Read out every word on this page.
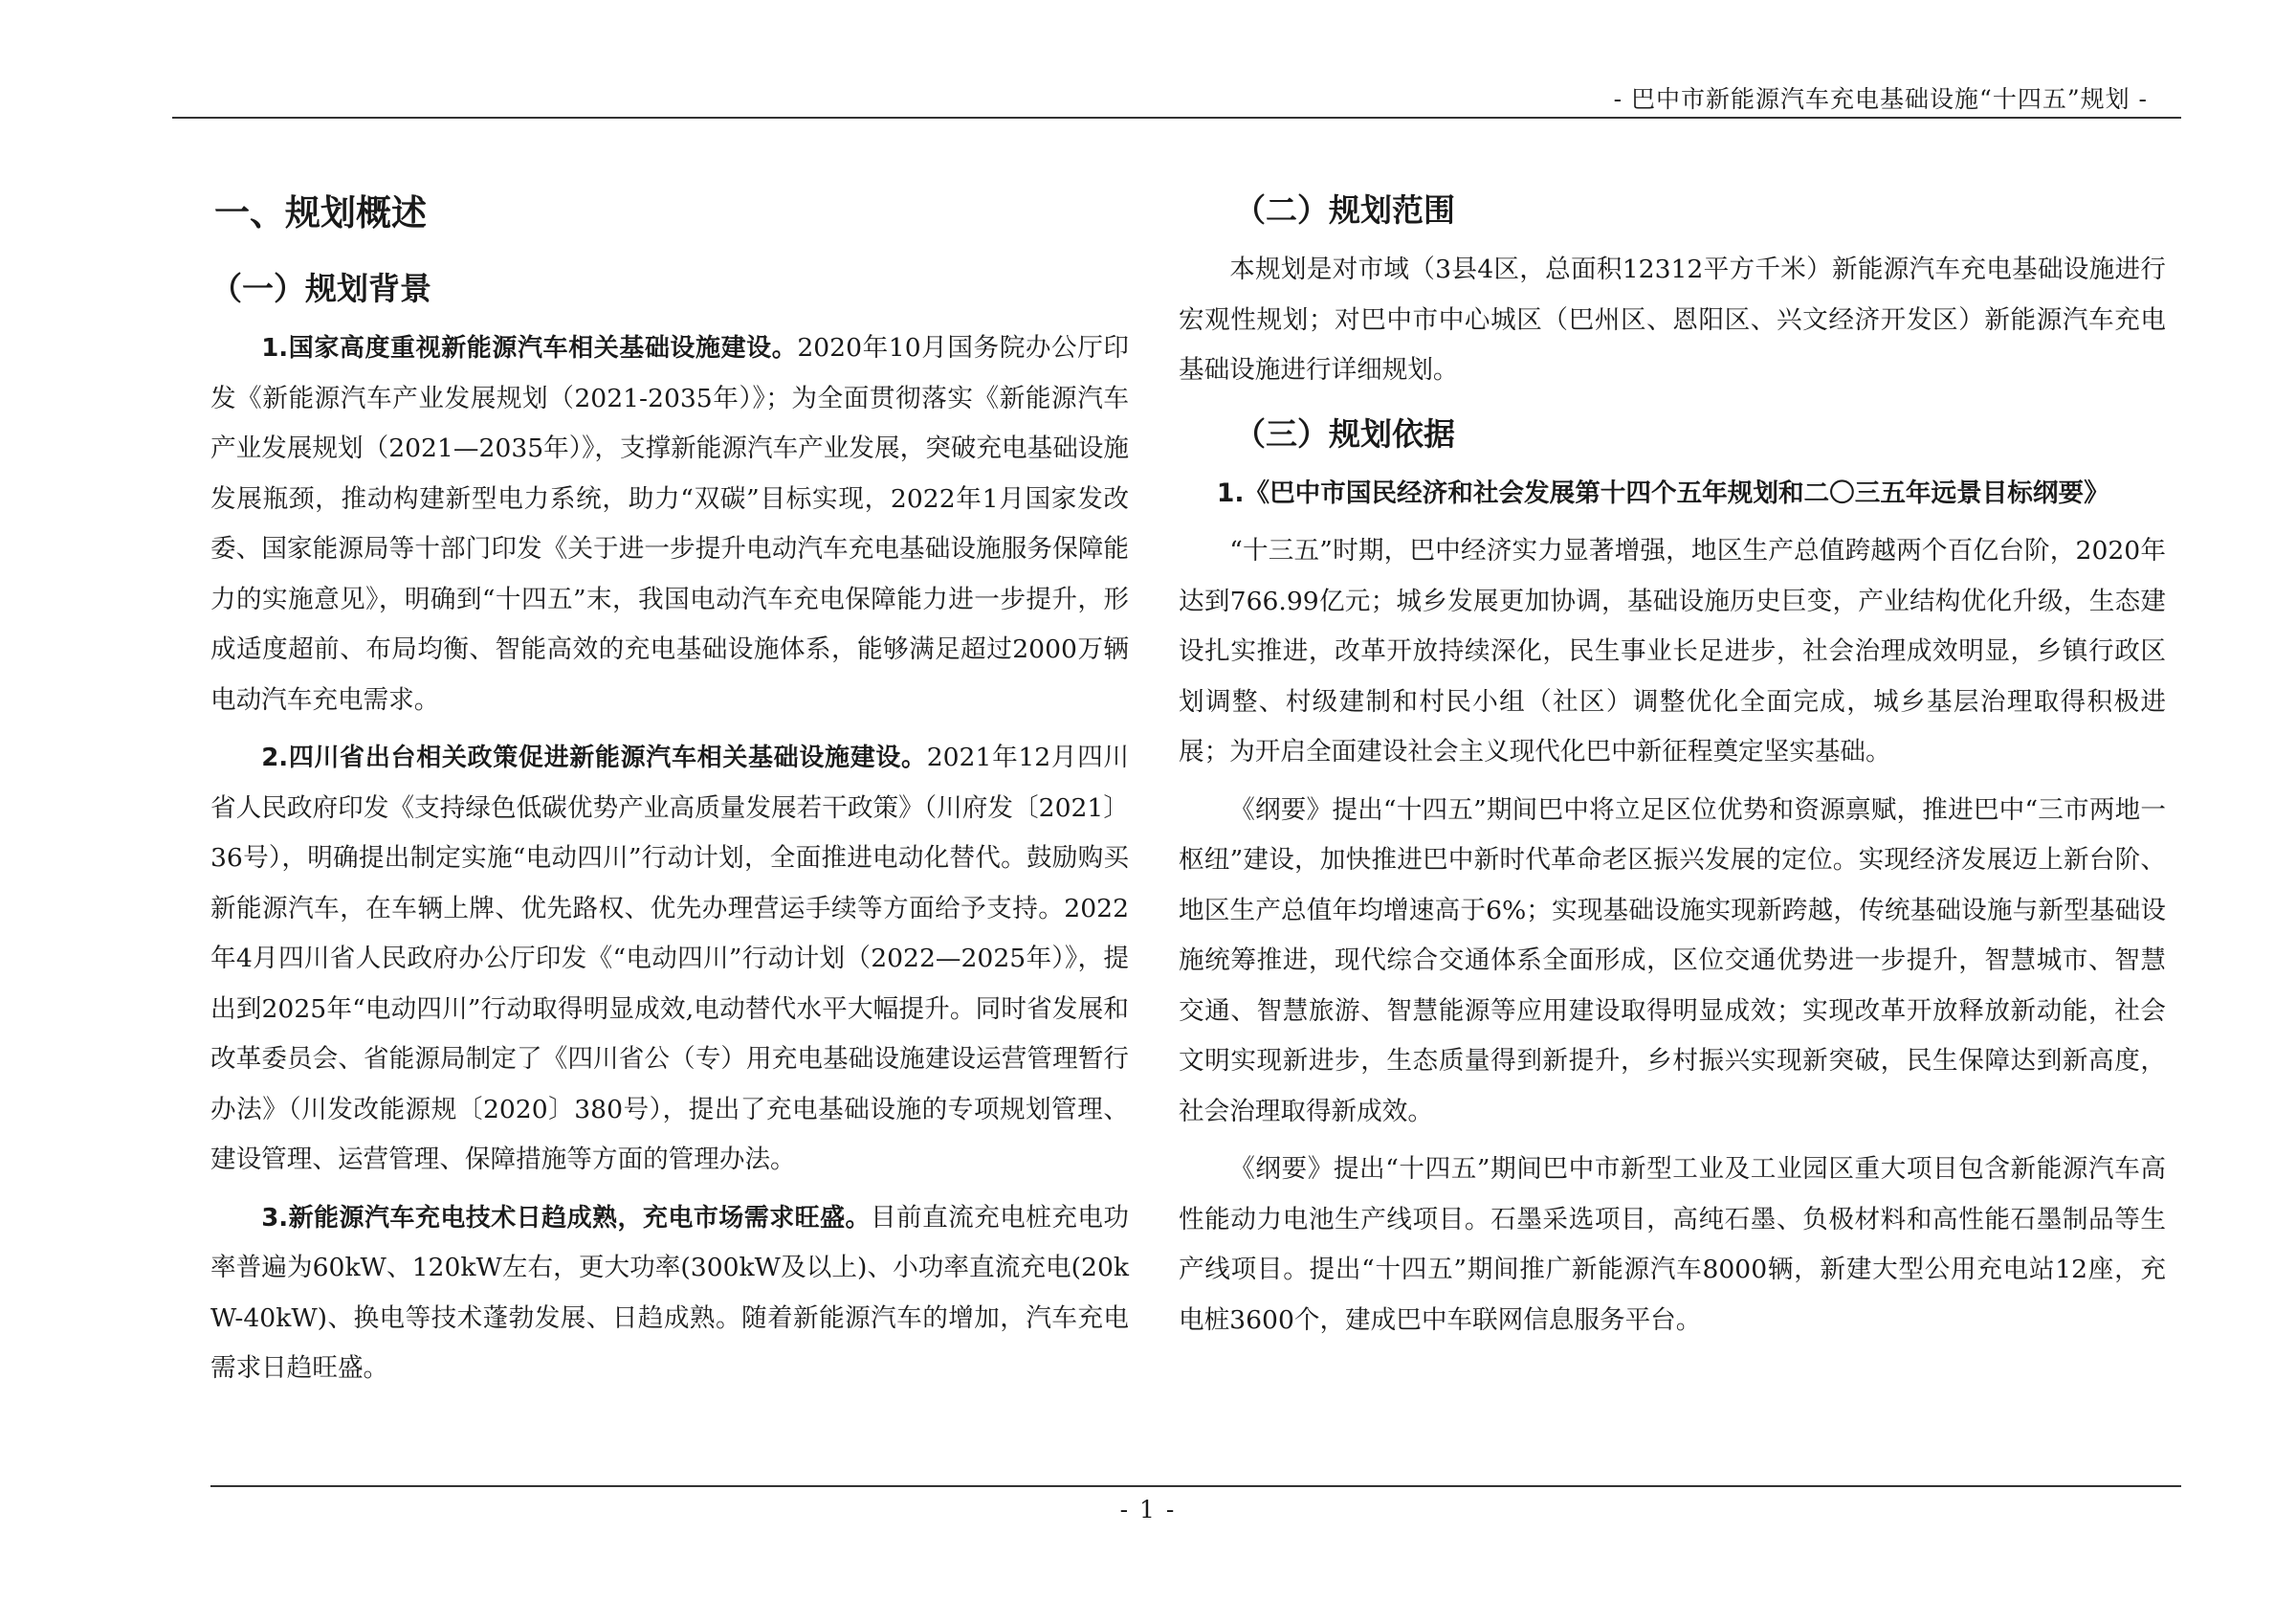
- 巴中市新能源汽车充电基础设施“十四五”规划 -
一、规划概述
（一）规划背景

1.国家高度重视新能源汽车相关基础设施建设。2020年10月国务院办公厅印发《新能源汽车产业发展规划（2021-2035年）》；为全面贯彻落实《新能源汽车产业发展规划（2021—2035年）》，支撑新能源汽车产业发展，突破充电基础设施发展瓶颈，推动构建新型电力系统，助力“双碳”目标实现，2022年1月国家发改委、国家能源局等十部门印发《关于进一步提升电动汽车充电基础设施服务保障能力的实施意见》，明确到“十四五”末，我国电动汽车充电保障能力进一步提升，形成适度超前、布局均衡、智能高效的充电基础设施体系，能够满足超过2000万辆电动汽车充电需求。

2.四川省出台相关政策促进新能源汽车相关基础设施建设。2021年12月四川省人民政府印发《支持绿色低碳优势产业高质量发展若干政策》（川府发〔2021〕36号），明确提出制定实施“电动四川”行动计划，全面推进电动化替代。鼓励购买新能源汽车，在车辆上牌、优先路权、优先办理营运手续等方面给予支持。2022年4月四川省人民政府办公厅印发《“电动四川”行动计划（2022—2025年）》，提出到2025年“电动四川”行动取得明显成效,电动替代水平大幅提升。同时省发展和改革委员会、省能源局制定了《四川省公（专）用充电基础设施建设运营管理暂行办法》（川发改能源规〔2020〕380号），提出了充电基础设施的专项规划管理、建设管理、运营管理、保障措施等方面的管理办法。

3.新能源汽车充电技术日趋成熟，充电市场需求旺盛。目前直流充电桩充电功率普遍为60kW、120kW左右，更大功率(300kW及以上)、小功率直流充电(20kW-40kW)、换电等技术蓬勃发展、日趋成熟。随着新能源汽车的增加，汽车充电需求日趋旺盛。

（二）规划范围

本规划是对市域（3县4区，总面积12312平方千米）新能源汽车充电基础设施进行宏观性规划；对巴中市中心城区（巴州区、恩阳区、兴文经济开发区）新能源汽车充电基础设施进行详细规划。

（三）规划依据

1.《巴中市国民经济和社会发展第十四个五年规划和二〇三五年远景目标纲要》

“十三五”时期，巴中经济实力显著增强，地区生产总值跨越两个百亿台阶，2020年达到766.99亿元；城乡发展更加协调，基础设施历史巨变，产业结构优化升级，生态建设扎实推进，改革开放持续深化，民生事业长足进步，社会治理成效明显，乡镇行政区划调整、村级建制和村民小组（社区）调整优化全面完成，城乡基层治理取得积极进展；为开启全面建设社会主义现代化巴中新征程奠定坚实基础。

《纲要》提出“十四五”期间巴中将立足区位优势和资源禀赋，推进巴中“三市两地一枢纽”建设，加快推进巴中新时代革命老区振兴发展的定位。实现经济发展迈上新台阶、地区生产总值年均增速高于6%；实现基础设施实现新跨越，传统基础设施与新型基础设施统筹推进，现代综合交通体系全面形成，区位交通优势进一步提升，智慧城市、智慧交通、智慧旅游、智慧能源等应用建设取得明显成效；实现改革开放释放新动能，社会文明实现新进步，生态质量得到新提升，乡村振兴实现新突破，民生保障达到新高度，社会治理取得新成效。

《纲要》提出“十四五”期间巴中市新型工业及工业园区重大项目包含新能源汽车高性能动力电池生产线项目。石墨采选项目，高纯石墨、负极材料和高性能石墨制品等生产线项目。提出“十四五”期间推广新能源汽车8000辆，新建大型公用充电站12座，充电桩3600个，建成巴中车联网信息服务平台。

- 1 -
